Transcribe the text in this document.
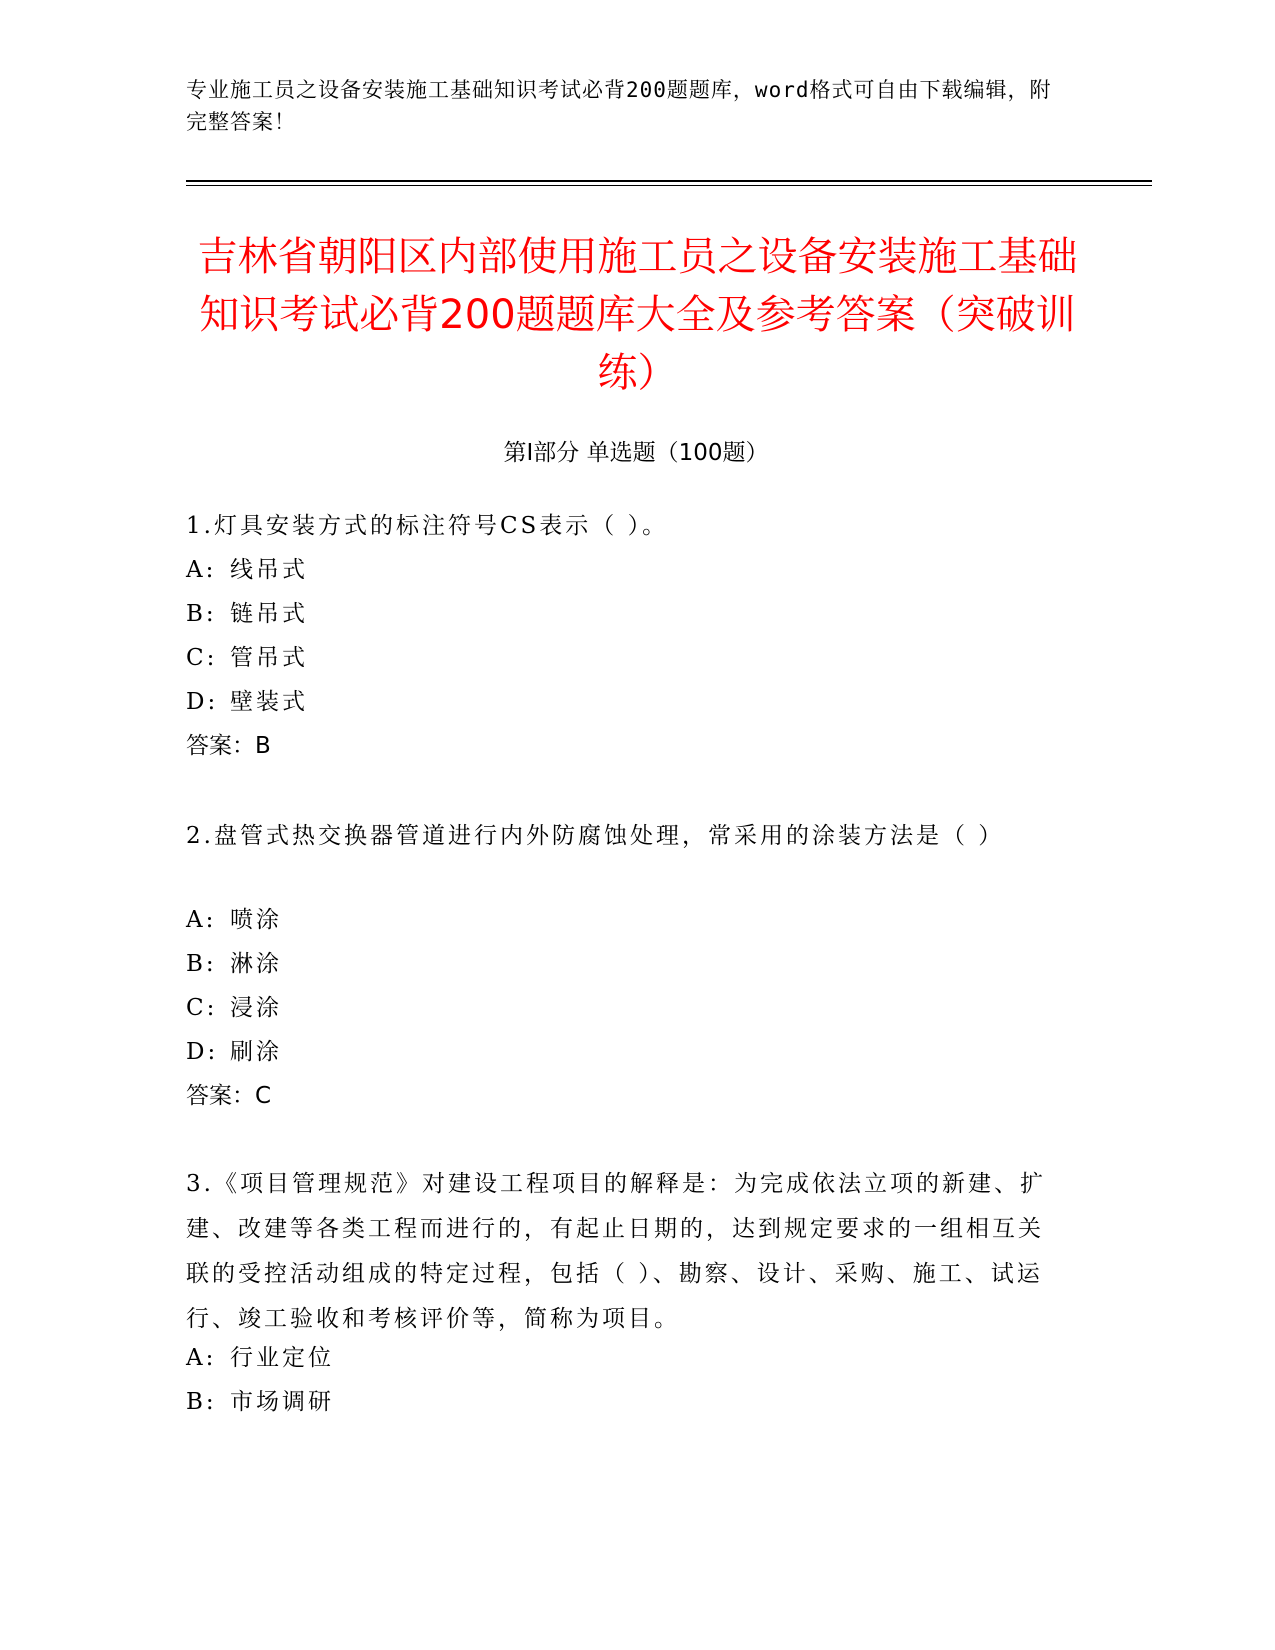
专业施工员之设备安装施工基础知识考试必背200题题库，word格式可自由下载编辑，附完整答案！
吉林省朝阳区内部使用施工员之设备安装施工基础知识考试必背200题题库大全及参考答案（突破训练）
第Ⅰ部分 单选题（100题）
1.灯具安装方式的标注符号CS表示（ ）。
A: 线吊式
B: 链吊式
C: 管吊式
D: 壁装式
答案：B
2.盘管式热交换器管道进行内外防腐蚀处理，常采用的涂装方法是（ ）
A: 喷涂
B: 淋涂
C: 浸涂
D: 刷涂
答案：C
3.《项目管理规范》对建设工程项目的解释是：为完成依法立项的新建、扩建、改建等各类工程而进行的，有起止日期的，达到规定要求的一组相互关联的受控活动组成的特定过程，包括（ ）、勘察、设计、采购、施工、试运行、竣工验收和考核评价等，简称为项目。
A: 行业定位
B: 市场调研
